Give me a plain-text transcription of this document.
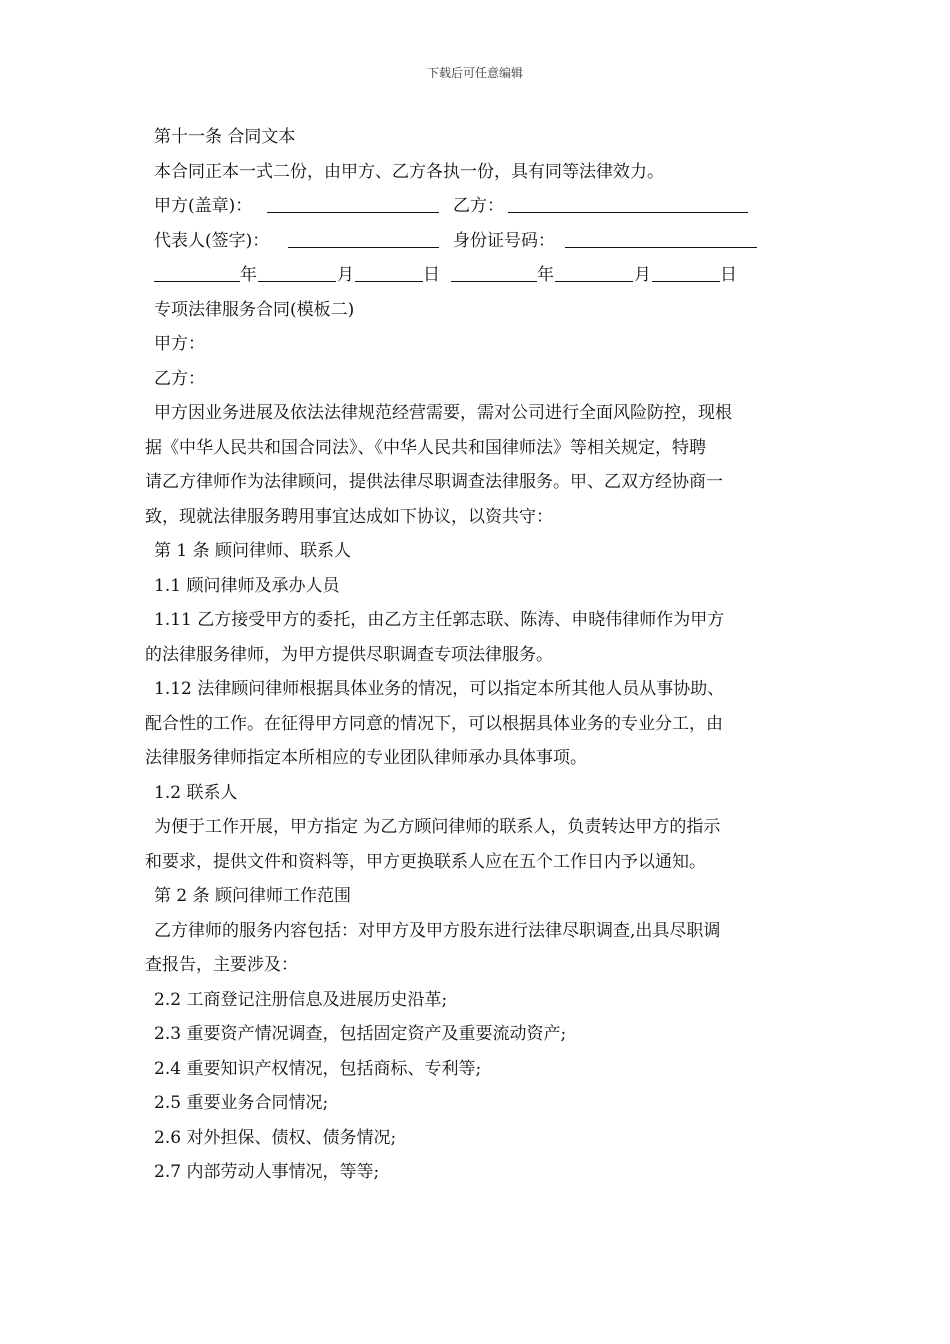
下载后可任意编辑
第十一条 合同文本
本合同正本一式二份，由甲方、乙方各执一份，具有同等法律效力。
甲方(盖章)：	乙方：
代表人(签字)：	身份证号码：
年	月	日	年	月	日
专项法律服务合同(模板二)
甲方：
乙方：
甲方因业务进展及依法法律规范经营需要，需对公司进行全面风险防控，现根
据《中华人民共和国合同法》、《中华人民共和国律师法》等相关规定，特聘
请乙方律师作为法律顾问，提供法律尽职调查法律服务。甲、乙双方经协商一
致，现就法律服务聘用事宜达成如下协议，以资共守：
第 1 条 顾问律师、联系人
1.1 顾问律师及承办人员
1.11 乙方接受甲方的委托，由乙方主任郭志联、陈涛、申晓伟律师作为甲方
的法律服务律师，为甲方提供尽职调查专项法律服务。
1.12 法律顾问律师根据具体业务的情况，可以指定本所其他人员从事协助、
配合性的工作。在征得甲方同意的情况下，可以根据具体业务的专业分工，由
法律服务律师指定本所相应的专业团队律师承办具体事项。
1.2 联系人
为便于工作开展，甲方指定 为乙方顾问律师的联系人，负责转达甲方的指示
和要求，提供文件和资料等，甲方更换联系人应在五个工作日内予以通知。
第 2 条 顾问律师工作范围
乙方律师的服务内容包括：对甲方及甲方股东进行法律尽职调查,出具尽职调
查报告，主要涉及：
2.2 工商登记注册信息及进展历史沿革;
2.3 重要资产情况调查，包括固定资产及重要流动资产;
2.4 重要知识产权情况，包括商标、专利等;
2.5 重要业务合同情况;
2.6 对外担保、债权、债务情况;
2.7 内部劳动人事情况，等等;
